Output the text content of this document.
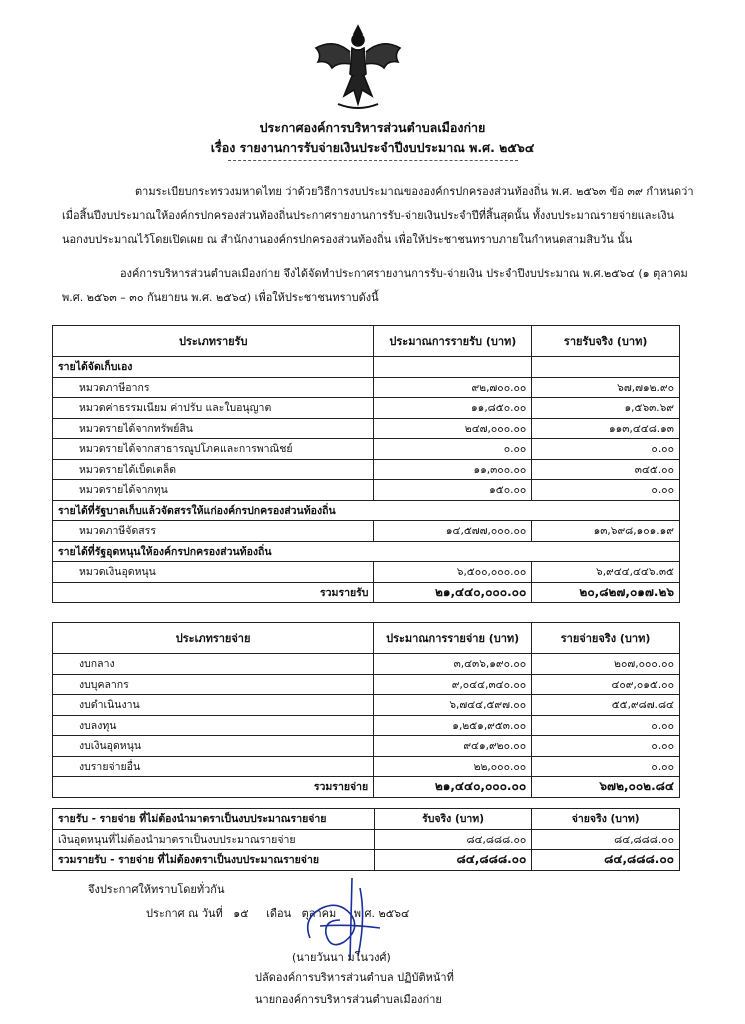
ประกาศองค์การบริหารส่วนตำบลเมืองก่าย
เรื่อง รายงานการรับจ่ายเงินประจำปีงบประมาณ พ.ศ. ๒๕๖๔
ตามระเบียบกระทรวงมหาดไทย ว่าด้วยวิธีการงบประมาณขององค์กรปกครองส่วนท้องถิ่น พ.ศ. ๒๕๖๓ ข้อ ๓๙ กำหนดว่า
เมื่อสิ้นปีงบประมาณให้องค์กรปกครองส่วนท้องถิ่นประกาศรายงานการรับ-จ่ายเงินประจำปีที่สิ้นสุดนั้น ทั้งงบประมาณรายจ่ายและเงิน
นอกงบประมาณไว้โดยเปิดเผย ณ สำนักงานองค์กรปกครองส่วนท้องถิ่น เพื่อให้ประชาชนทราบภายในกำหนดสามสิบวัน นั้น
องค์การบริหารส่วนตำบลเมืองก่าย จึงได้จัดทำประกาศรายงานการรับ-จ่ายเงิน ประจำปีงบประมาณ พ.ศ.๒๕๖๔ (๑ ตุลาคม
พ.ศ. ๒๕๖๓ – ๓๐ กันยายน พ.ศ. ๒๕๖๔) เพื่อให้ประชาชนทราบดังนี้
ประเภทรายรับ	ประมาณการรายรับ (บาท)	รายรับจริง (บาท)
รายได้จัดเก็บเอง		
หมวดภาษีอากร	๙๒,๗๐๐.๐๐	๖๗,๗๑๒.๙๐
หมวดค่าธรรมเนียม ค่าปรับ และใบอนุญาต	๑๑,๘๕๐.๐๐	๑,๕๖๓.๖๙
หมวดรายได้จากทรัพย์สิน	๒๔๗,๐๐๐.๐๐	๑๑๓,๔๔๘.๑๓
หมวดรายได้จากสาธารณูปโภคและการพาณิชย์	๐.๐๐	๐.๐๐
หมวดรายได้เบ็ดเตล็ด	๑๑,๓๐๐.๐๐	๓๔๕.๐๐
หมวดรายได้จากทุน	๑๕๐.๐๐	๐.๐๐
รายได้ที่รัฐบาลเก็บแล้วจัดสรรให้แก่องค์กรปกครองส่วนท้องถิ่น		
หมวดภาษีจัดสรร	๑๔,๕๗๗,๐๐๐.๐๐	๑๓,๖๙๘,๑๐๑.๑๙
รายได้ที่รัฐอุดหนุนให้องค์กรปกครองส่วนท้องถิ่น		
หมวดเงินอุดหนุน	๖,๕๐๐,๐๐๐.๐๐	๖,๙๔๔,๔๔๖.๓๕
รวมรายรับ	๒๑,๔๔๐,๐๐๐.๐๐	๒๐,๘๒๗,๐๑๗.๒๖
ประเภทรายจ่าย	ประมาณการรายจ่าย (บาท)	รายจ่ายจริง (บาท)
งบกลาง	๓,๔๓๖,๑๙๐.๐๐	๒๐๗,๐๐๐.๐๐
งบบุคลากร	๙,๐๔๔,๓๔๐.๐๐	๔๐๙,๐๑๕.๐๐
งบดำเนินงาน	๖,๗๔๔,๕๙๗.๐๐	๕๕,๙๘๗.๘๔
งบลงทุน	๑,๒๕๑,๙๕๓.๐๐	๐.๐๐
งบเงินอุดหนุน	๙๔๑,๙๒๐.๐๐	๐.๐๐
งบรายจ่ายอื่น	๒๒,๐๐๐.๐๐	๐.๐๐
รวมรายจ่าย	๒๑,๔๔๐,๐๐๐.๐๐	๖๗๒,๐๐๒.๘๔
รายรับ - รายจ่าย ที่ไม่ต้องนำมาตราเป็นงบประมาณรายจ่าย	รับจริง (บาท)	จ่ายจริง (บาท)
เงินอุดหนุนที่ไม่ต้องนำมาตราเป็นงบประมาณรายจ่าย	๘๔,๘๘๘.๐๐	๘๔,๘๘๘.๐๐
รวมรายรับ - รายจ่าย ที่ไม่ต้องตราเป็นงบประมาณรายจ่าย	๘๔,๘๘๘.๐๐	๘๔,๘๘๘.๐๐
จึงประกาศให้ทราบโดยทั่วกัน
ประกาศ ณ วันที่ ๑๕ เดือน ตุลาคม พ.ศ. ๒๕๖๔
(นายวันนา มโนวงศ์)
ปลัดองค์การบริหารส่วนตำบล ปฏิบัติหน้าที่
นายกองค์การบริหารส่วนตำบลเมืองก่าย
